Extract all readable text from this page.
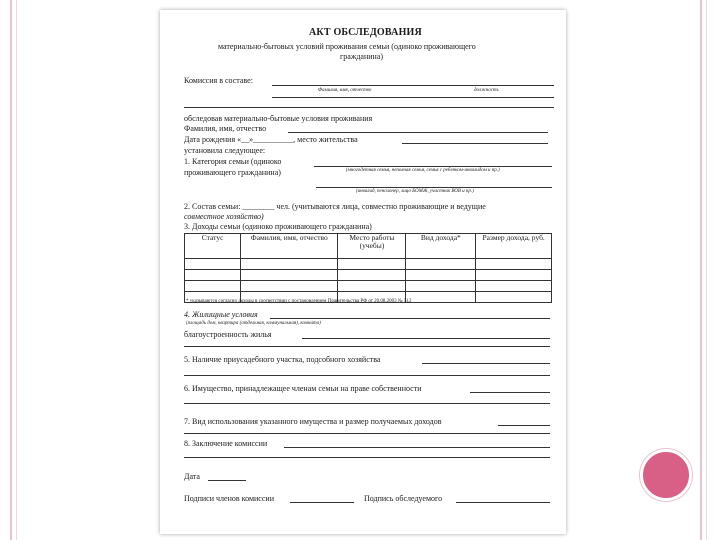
АКТ ОБСЛЕДОВАНИЯ
материально-бытовых условий проживания семьи (одиноко проживающего
гражданина)
Комиссия в составе:
Фамилия, имя, отчество	должность
обследовав материально-бытовые условия проживания
Фамилия, имя, отчество
Дата рождения «__»__________, место жительства
установила следующее:
1. Категория семьи (одиноко
проживающего гражданина)	(многодетная семья, неполная семья, семья с ребенком-инвалидом и пр.)
(инвалид, пенсионер, лицо БОМЖ, участник ВОВ и пр.)
2. Состав семьи: ________ чел. (учитываются лица, совместно проживающие и ведущие
совместное хозяйство)
3. Доходы семьи (одиноко проживающего гражданина)
Статус	Фамилия, имя, отчество	Место работы (учебы)	Вид дохода*	Размер дохода, руб.

* указываются согласно доходы в соответствии с постановлением Правительства РФ от 20.08.2003 № 512
4. Жилищные условия
(площадь дом, квартира (отдельная, коммунальная), комната)
благоустроенность жилья
5. Наличие приусадебного участка, подсобного хозяйства
6. Имущество, принадлежащее членам семьи на праве собственности
7. Вид использования указанного имущества и размер получаемых доходов
8. Заключение комиссии
Дата
Подписи членов комиссии	Подпись обследуемого
